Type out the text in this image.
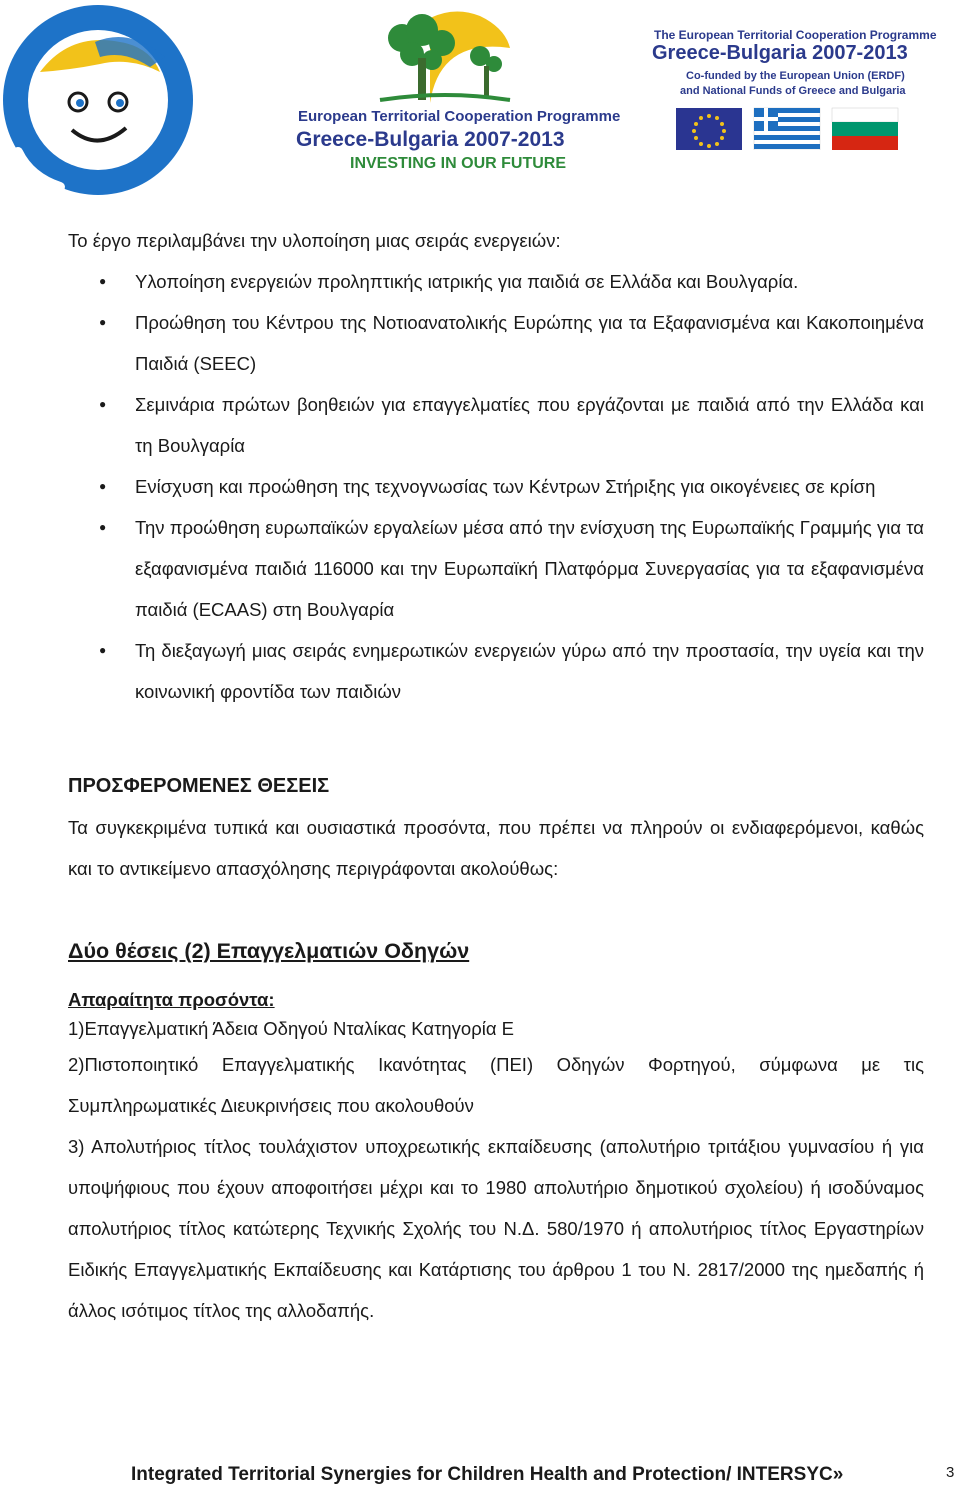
European Territorial Cooperation Programme
Greece-Bulgaria 2007-2013
INVESTING IN OUR FUTURE
The European Territorial Cooperation Programme
Greece-Bulgaria 2007-2013
Co-funded by the European Union (ERDF)
and National Funds of Greece and Bulgaria

Το έργο περιλαμβάνει την υλοποίηση μιας σειράς ενεργειών:

● Υλοποίηση ενεργειών προληπτικής ιατρικής για παιδιά σε Ελλάδα και Βουλγαρία.
● Προώθηση του Κέντρου της Νοτιοανατολικής Ευρώπης για τα Εξαφανισμένα και Κακοποιημένα Παιδιά (SEEC)
● Σεμινάρια πρώτων βοηθειών για επαγγελματίες που εργάζονται με παιδιά από την Ελλάδα και τη Βουλγαρία
● Ενίσχυση και προώθηση της τεχνογνωσίας των Κέντρων Στήριξης για οικογένειες σε κρίση
● Την προώθηση ευρωπαϊκών εργαλείων μέσα από την ενίσχυση της Ευρωπαϊκής Γραμμής για τα εξαφανισμένα παιδιά 116000 και την Ευρωπαϊκή Πλατφόρμα Συνεργασίας για τα εξαφανισμένα παιδιά (ECAAS) στη Βουλγαρία
● Τη διεξαγωγή μιας σειράς ενημερωτικών ενεργειών γύρω από την προστασία, την υγεία και την κοινωνική φροντίδα των παιδιών

ΠΡΟΣΦΕΡΟΜΕΝΕΣ ΘΕΣΕΙΣ

Τα συγκεκριμένα τυπικά και ουσιαστικά προσόντα, που πρέπει να πληρούν οι ενδιαφερόμενοι, καθώς και το αντικείμενο απασχόλησης περιγράφονται ακολούθως:

Δύο θέσεις (2) Επαγγελματιών Οδηγών

Απαραίτητα προσόντα:

1)Επαγγελματική Άδεια Οδηγού Νταλίκας Κατηγορία Ε

2)Πιστοποιητικό Επαγγελματικής Ικανότητας (ΠΕΙ) Οδηγών Φορτηγού, σύμφωνα με τις Συμπληρωματικές Διευκρινήσεις που ακολουθούν

3) Απολυτήριος τίτλος τουλάχιστον υποχρεωτικής εκπαίδευσης (απολυτήριο τριτάξιου γυμνασίου ή για υποψήφιους που έχουν αποφοιτήσει μέχρι και το 1980 απολυτήριο δημοτικού σχολείου) ή ισοδύναμος απολυτήριος τίτλος κατώτερης Τεχνικής Σχολής του Ν.Δ. 580/1970 ή απολυτήριος τίτλος Εργαστηρίων Ειδικής Επαγγελματικής Εκπαίδευσης και Κατάρτισης του άρθρου 1 του Ν. 2817/2000 της ημεδαπής ή άλλος ισότιμος τίτλος της αλλοδαπής.

Integrated Territorial Synergies for Children Health and Protection/ INTERSYC»	3
